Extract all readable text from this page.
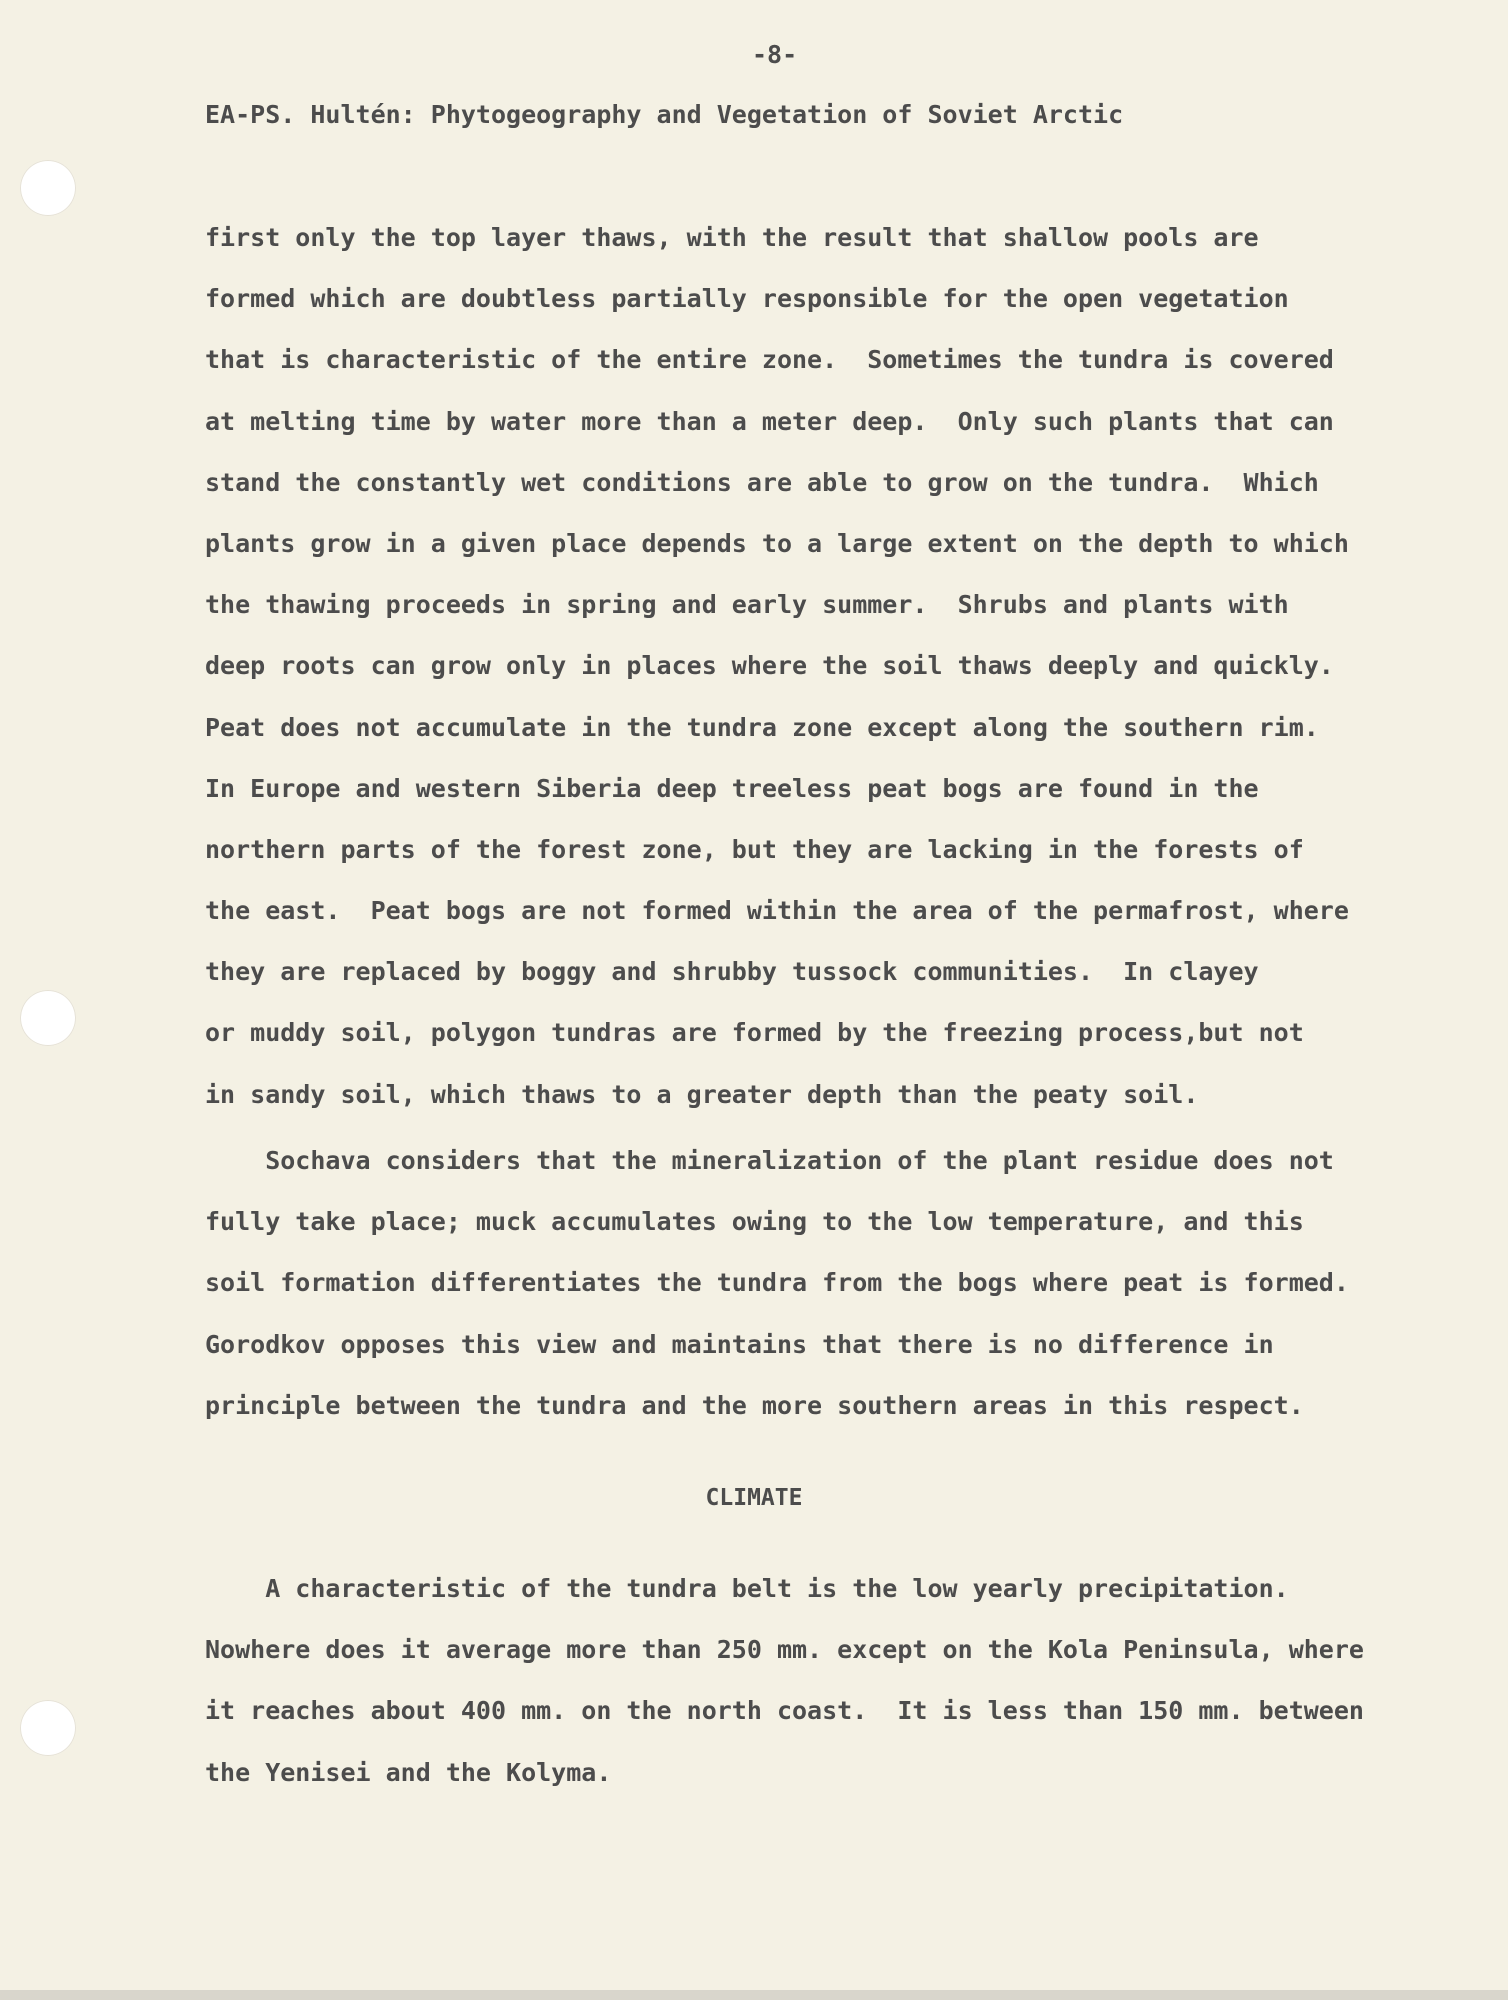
-8-
EA-PS. Hultén: Phytogeography and Vegetation of Soviet Arctic
first only the top layer thaws, with the result that shallow pools are
formed which are doubtless partially responsible for the open vegetation
that is characteristic of the entire zone.  Sometimes the tundra is covered
at melting time by water more than a meter deep.  Only such plants that can
stand the constantly wet conditions are able to grow on the tundra.  Which
plants grow in a given place depends to a large extent on the depth to which
the thawing proceeds in spring and early summer.  Shrubs and plants with
deep roots can grow only in places where the soil thaws deeply and quickly.
Peat does not accumulate in the tundra zone except along the southern rim.
In Europe and western Siberia deep treeless peat bogs are found in the
northern parts of the forest zone, but they are lacking in the forests of
the east.  Peat bogs are not formed within the area of the permafrost, where
they are replaced by boggy and shrubby tussock communities.  In clayey
or muddy soil, polygon tundras are formed by the freezing process,but not
in sandy soil, which thaws to a greater depth than the peaty soil.
Sochava considers that the mineralization of the plant residue does not
fully take place; muck accumulates owing to the low temperature, and this
soil formation differentiates the tundra from the bogs where peat is formed.
Gorodkov opposes this view and maintains that there is no difference in
principle between the tundra and the more southern areas in this respect.
CLIMATE
A characteristic of the tundra belt is the low yearly precipitation.
Nowhere does it average more than 250 mm. except on the Kola Peninsula, where
it reaches about 400 mm. on the north coast.  It is less than 150 mm. between
the Yenisei and the Kolyma.
